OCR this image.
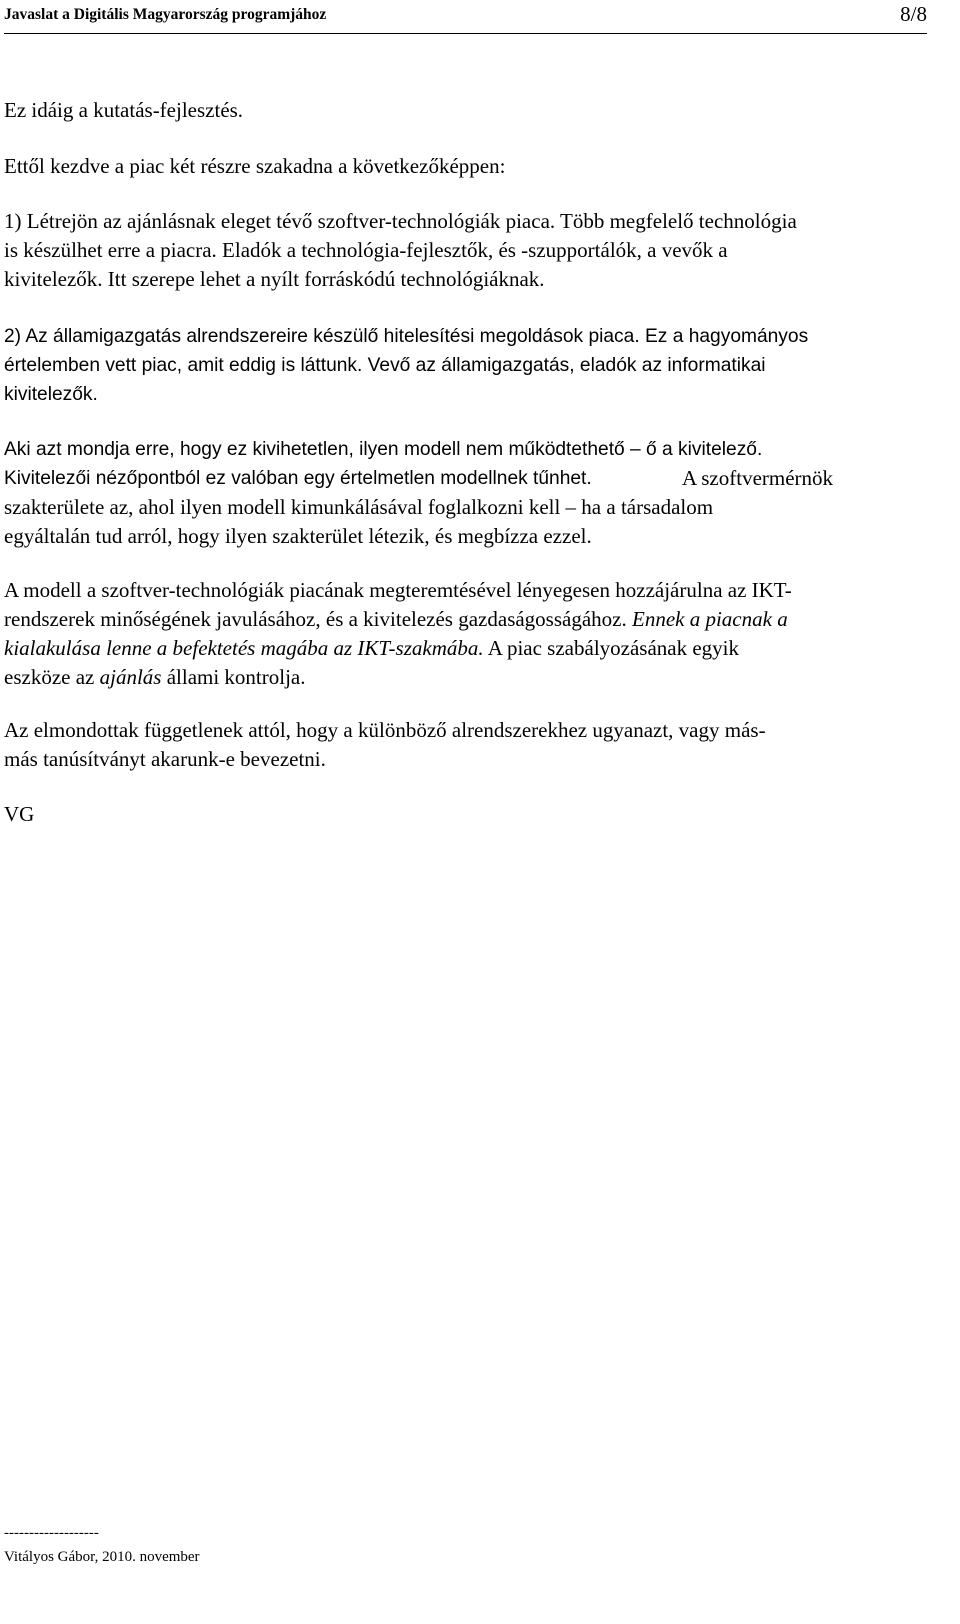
Javaslat a Digitális Magyarország programjához	8/8

Ez idáig a kutatás-fejlesztés.

Ettől kezdve a piac két részre szakadna a következőképpen:

1) Létrejön az ajánlásnak eleget tévő szoftver-technológiák piaca. Több megfelelő technológia
is készülhet erre a piacra. Eladók a technológia-fejlesztők, és -szupportálók, a vevők a
kivitelezők. Itt szerepe lehet a nyílt forráskódú technológiáknak.

2) Az államigazgatás alrendszereire készülő hitelesítési megoldások piaca. Ez a hagyományos
értelemben vett piac, amit eddig is láttunk. Vevő az államigazgatás, eladók az informatikai
kivitelezők.

Aki azt mondja erre, hogy ez kivihetetlen, ilyen modell nem működtethető – ő a kivitelező.
Kivitelezői nézőpontból ez valóban egy értelmetlen modellnek tűnhet.	A szoftvermérnök

szakterülete az, ahol ilyen modell kimunkálásával foglalkozni kell – ha a társadalom
egyáltalán tud arról, hogy ilyen szakterület létezik, és megbízza ezzel.

A modell a szoftver-technológiák piacának megteremtésével lényegesen hozzájárulna az IKT-
rendszerek minőségének javulásához, és a kivitelezés gazdaságosságához. Ennek a piacnak a
kialakulása lenne a befektetés magába az IKT-szakmába. A piac szabályozásának egyik
eszköze az ajánlás állami kontrolja.

Az elmondottak függetlenek attól, hogy a különböző alrendszerekhez ugyanazt, vagy más-
más tanúsítványt akarunk-e bevezetni.

VG

-------------------
Vitályos Gábor, 2010. november
